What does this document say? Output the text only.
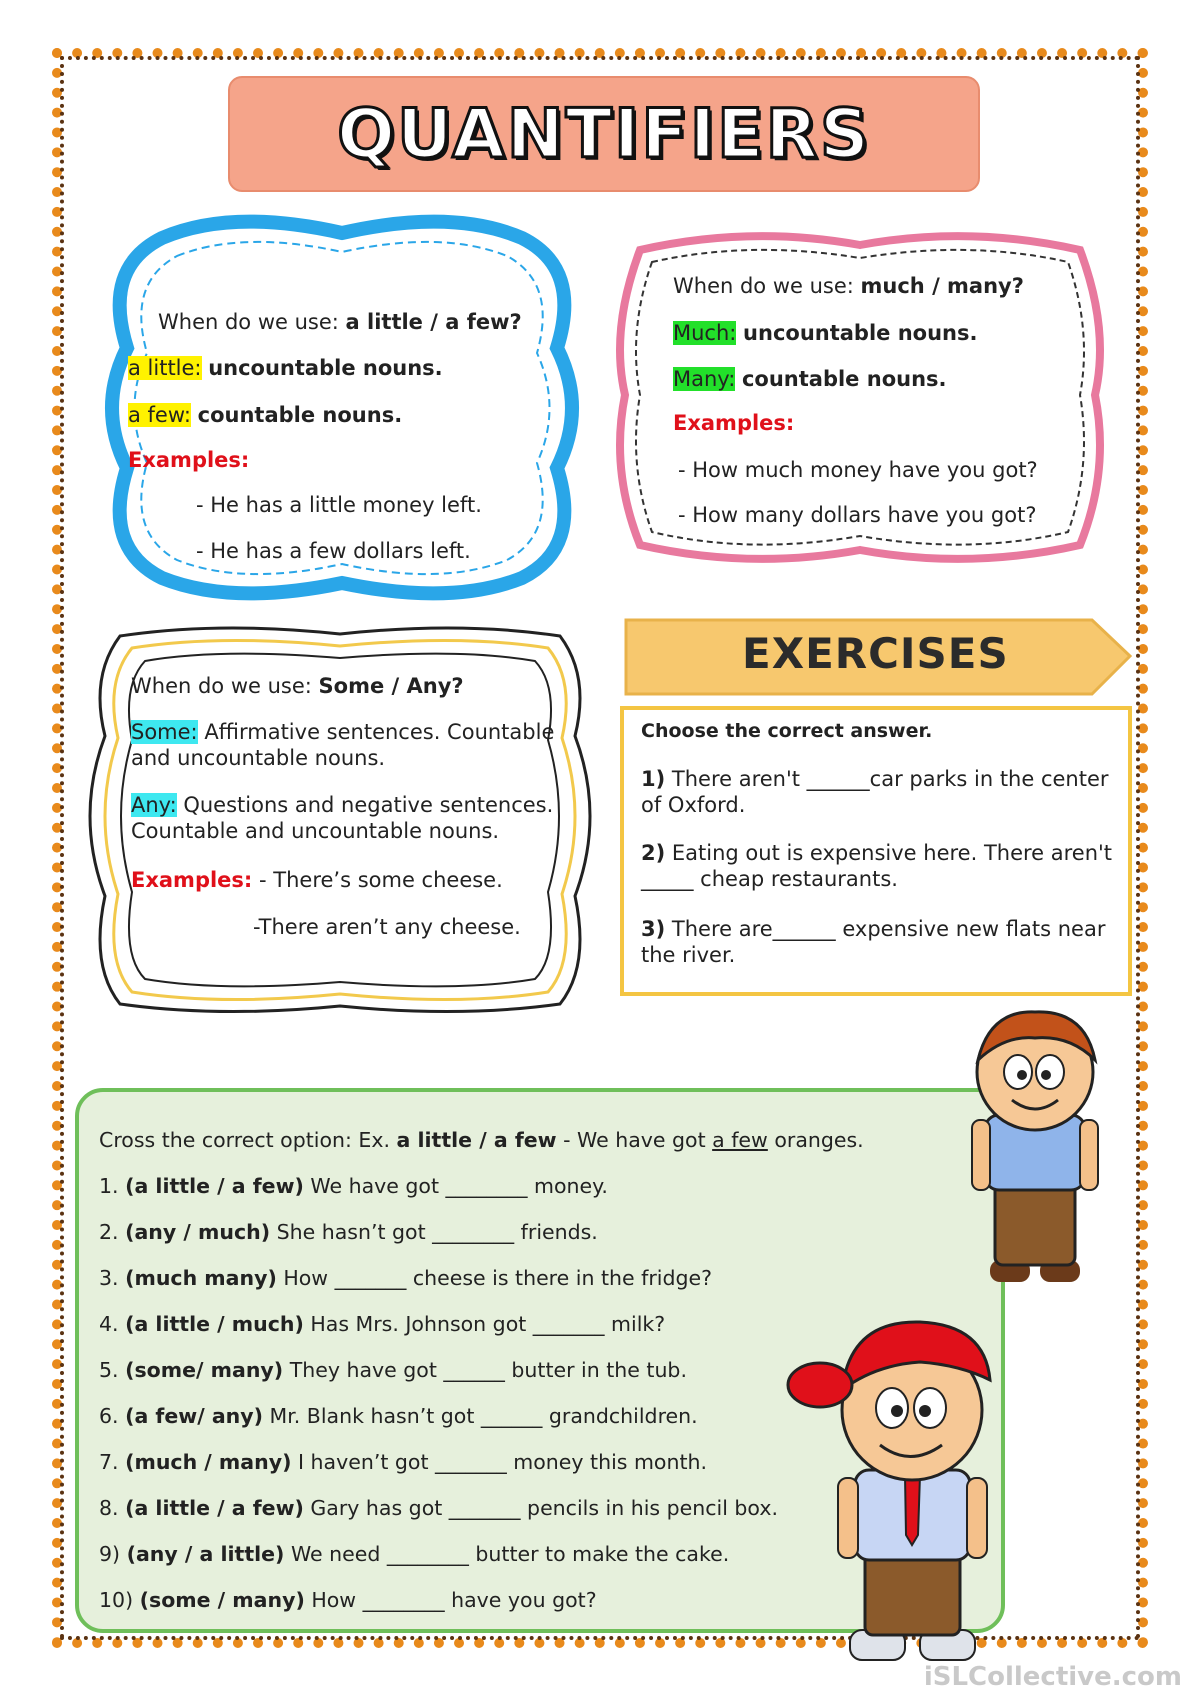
QUANTIFIERS
When do we use: a little / a few?
a little: uncountable nouns.
a few: countable nouns.
Examples:
- He has a little money left.
- He has a few dollars left.
When do we use: much / many?
Much: uncountable nouns.
Many: countable nouns.
Examples:
- How much money have you got?
- How many dollars have you got?
When do we use: Some / Any?
Some: Affirmative sentences. Countable
and uncountable nouns.
Any: Questions and negative sentences.
Countable and uncountable nouns.
Examples: - There’s some cheese.
-There aren’t any cheese.
EXERCISES
Choose the correct answer.
1) There aren't ______car parks in the center
of Oxford.
2) Eating out is expensive here. There aren't
_____ cheap restaurants.
3) There are______ expensive new flats near
the river.
Cross the correct option: Ex. a little / a few - We have got a few oranges.
1. (a little / a few) We have got ________ money.
2. (any / much) She hasn’t got ________ friends.
3. (much many) How _______ cheese is there in the fridge?
4. (a little / much) Has Mrs. Johnson got _______ milk?
5. (some/ many) They have got ______ butter in the tub.
6. (a few/ any) Mr. Blank hasn’t got ______ grandchildren.
7. (much / many) I haven’t got _______ money this month.
8. (a little / a few) Gary has got _______ pencils in his pencil box.
9) (any / a little) We need ________ butter to make the cake.
10) (some / many) How ________ have you got?
iSLCollective.com
